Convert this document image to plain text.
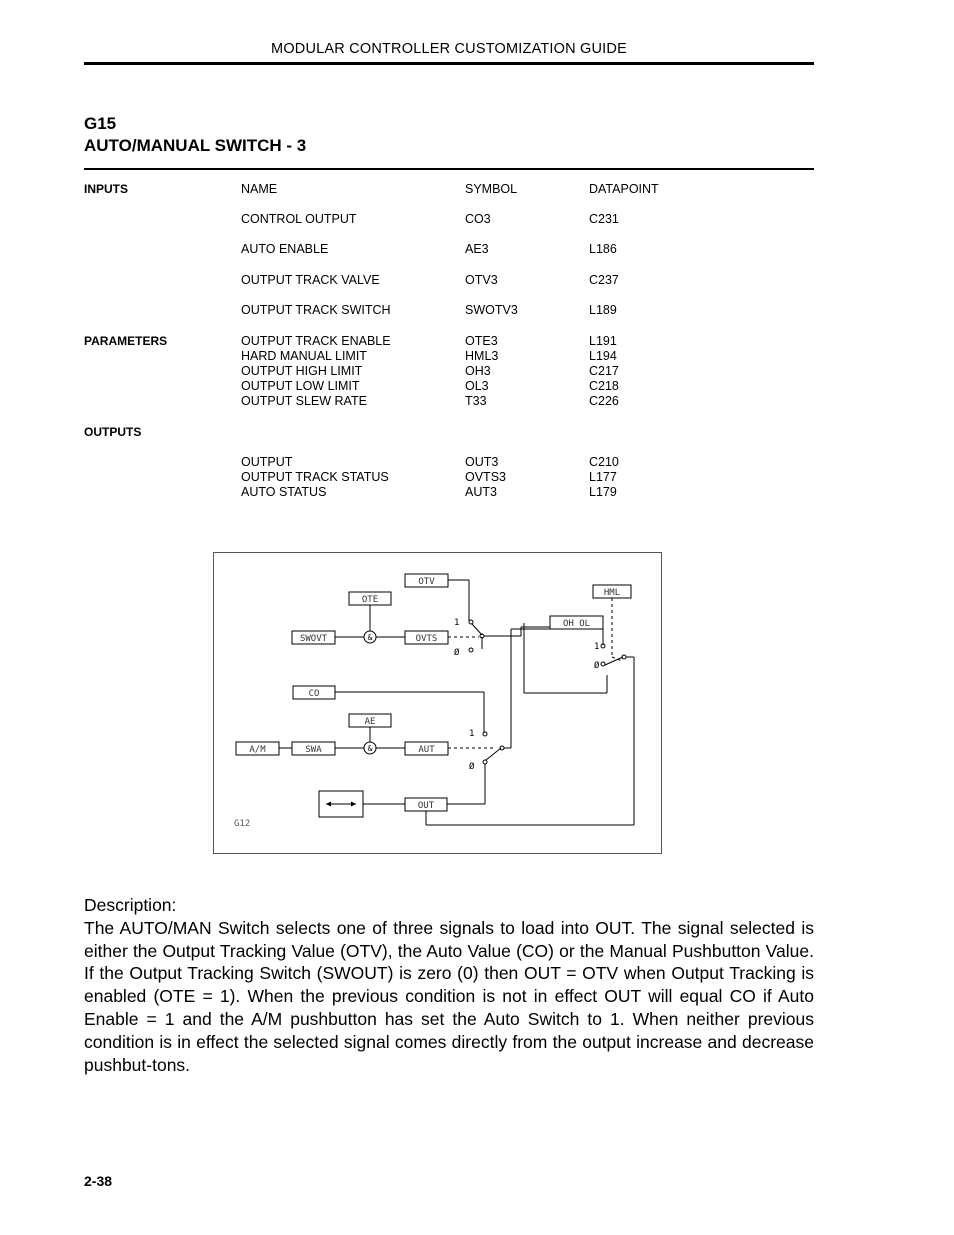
MODULAR CONTROLLER CUSTOMIZATION GUIDE
G15
AUTO/MANUAL SWITCH - 3
INPUTS	NAME	SYMBOL	DATAPOINT
CONTROL OUTPUT	CO3	C231
AUTO ENABLE	AE3	L186
OUTPUT TRACK VALVE	OTV3	C237
OUTPUT TRACK SWITCH	SWOTV3	L189
PARAMETERS	OUTPUT TRACK ENABLE	OTE3	L191
HARD MANUAL LIMIT	HML3	L194
OUTPUT HIGH LIMIT	OH3	C217
OUTPUT LOW LIMIT	OL3	C218
OUTPUT SLEW RATE	T33	C226
OUTPUTS
OUTPUT	OUT3	C210
OUTPUT TRACK STATUS	OVTS3	L177
AUTO STATUS	AUT3	L179
OTV
OTE
HML
SWOVT	OVTS
OH OL
CO
AE
A/M	SWA	AUT
OUT
&
&
1
Ø
1
Ø
1
Ø
G12
Description:
The AUTO/MAN Switch selects one of three signals to load into OUT. The signal selected is either the Output Tracking Value (OTV), the Auto Value (CO) or the Manual Pushbutton Value. If the Output Tracking Switch (SWOUT) is zero (0) then OUT = OTV when Output Tracking is enabled (OTE = 1). When the previous condition is not in effect OUT will equal CO if Auto Enable = 1 and the A/M pushbutton has set the Auto Switch to 1. When neither previous condition is in effect the selected signal comes directly from the output increase and decrease pushbut-tons.
2-38
